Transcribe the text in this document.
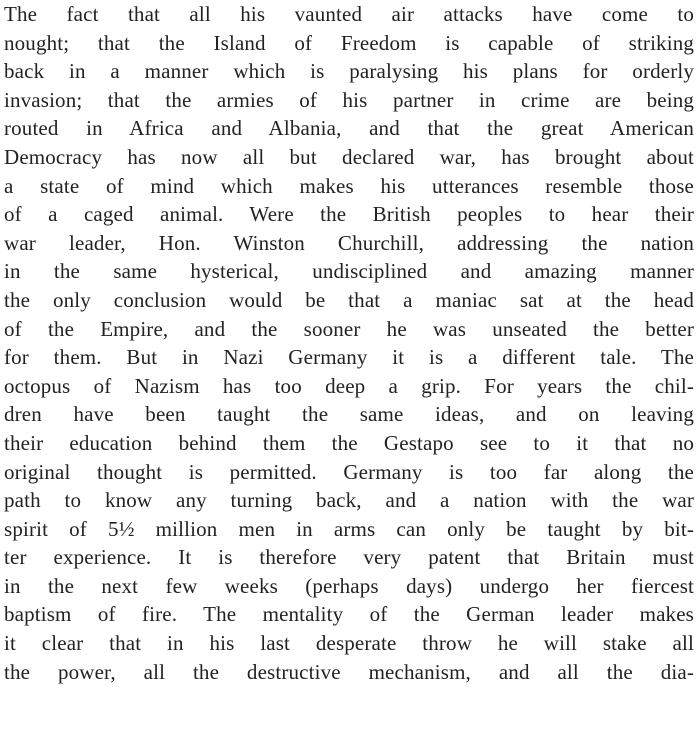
The fact that all his vaunted air attacks have come to
nought; that the Island of Freedom is capable of striking
back in a manner which is paralysing his plans for orderly
invasion; that the armies of his partner in crime are being
routed in Africa and Albania, and that the great American
Democracy has now all but declared war, has brought about
a state of mind which makes his utterances resemble those
of a caged animal. Were the British peoples to hear their
war leader, Hon. Winston Churchill, addressing the nation
in the same hysterical, undisciplined and amazing manner
the only conclusion would be that a maniac sat at the head
of the Empire, and the sooner he was unseated the better
for them. But in Nazi Germany it is a different tale. The
octopus of Nazism has too deep a grip. For years the chil-
dren have been taught the same ideas, and on leaving
their education behind them the Gestapo see to it that no
original thought is permitted. Germany is too far along the
path to know any turning back, and a nation with the war
spirit of 5½ million men in arms can only be taught by bit-
ter experience. It is therefore very patent that Britain must
in the next few weeks (perhaps days) undergo her fiercest
baptism of fire. The mentality of the German leader makes
it clear that in his last desperate throw he will stake all
the power, all the destructive mechanism, and all the dia-
